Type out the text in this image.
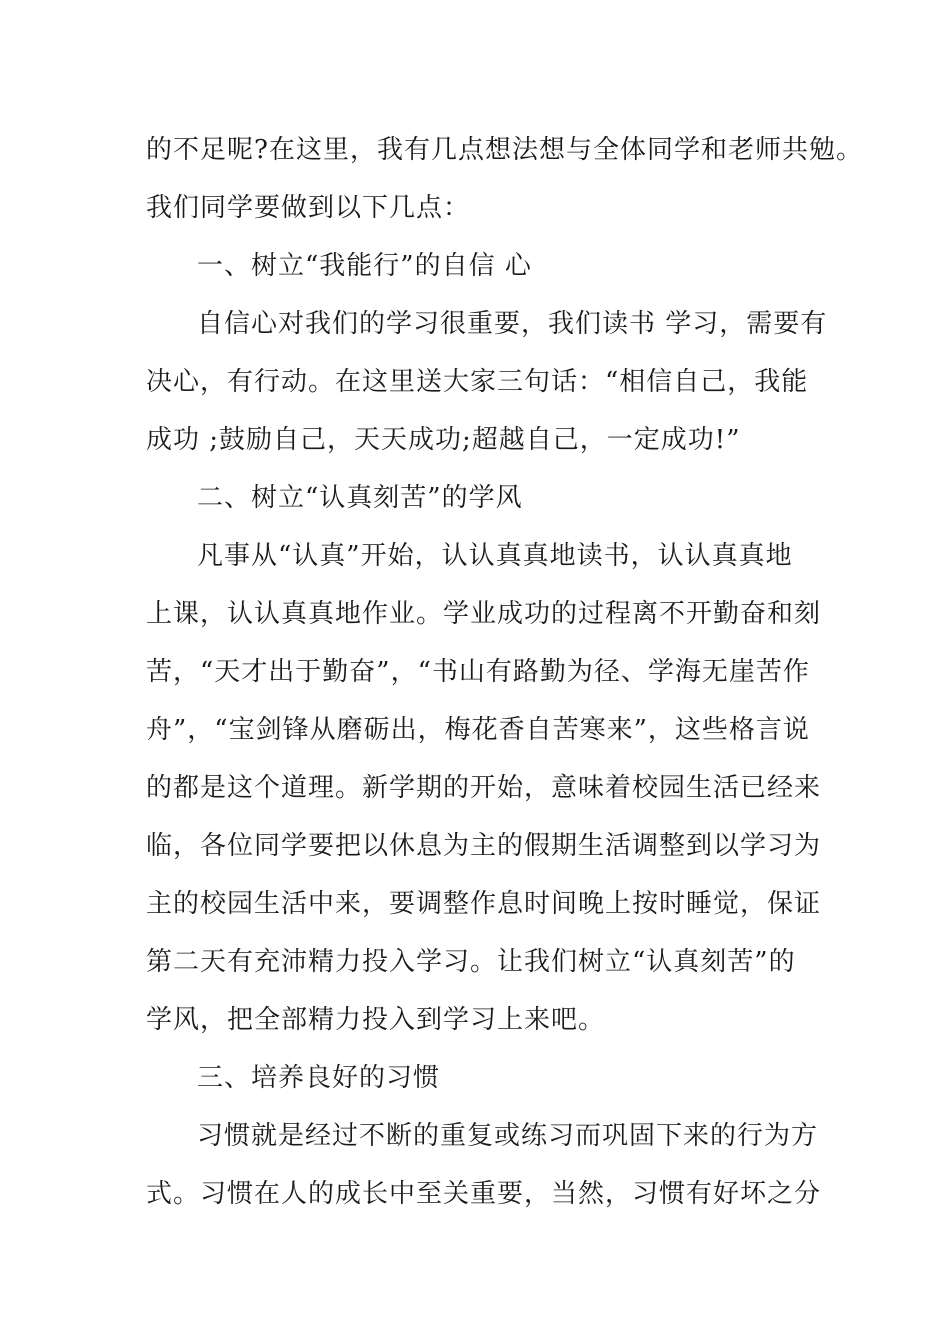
的不足呢?在这里，我有几点想法想与全体同学和老师共勉。
我们同学要做到以下几点：
一、树立“我能行”的自信 心
自信心对我们的学习很重要，我们读书 学习，需要有
决心，有行动。在这里送大家三句话：“相信自己，我能
成功 ;鼓励自己，天天成功;超越自己，一定成功!”
二、树立“认真刻苦”的学风
凡事从“认真”开始，认认真真地读书，认认真真地
上课，认认真真地作业。学业成功的过程离不开勤奋和刻
苦，“天才出于勤奋”，“书山有路勤为径、学海无崖苦作
舟”，“宝剑锋从磨砺出，梅花香自苦寒来”，这些格言说
的都是这个道理。新学期的开始，意味着校园生活已经来
临，各位同学要把以休息为主的假期生活调整到以学习为
主的校园生活中来，要调整作息时间晚上按时睡觉，保证
第二天有充沛精力投入学习。让我们树立“认真刻苦”的
学风，把全部精力投入到学习上来吧。
三、培养良好的习惯
习惯就是经过不断的重复或练习而巩固下来的行为方
式。习惯在人的成长中至关重要，当然，习惯有好坏之分
